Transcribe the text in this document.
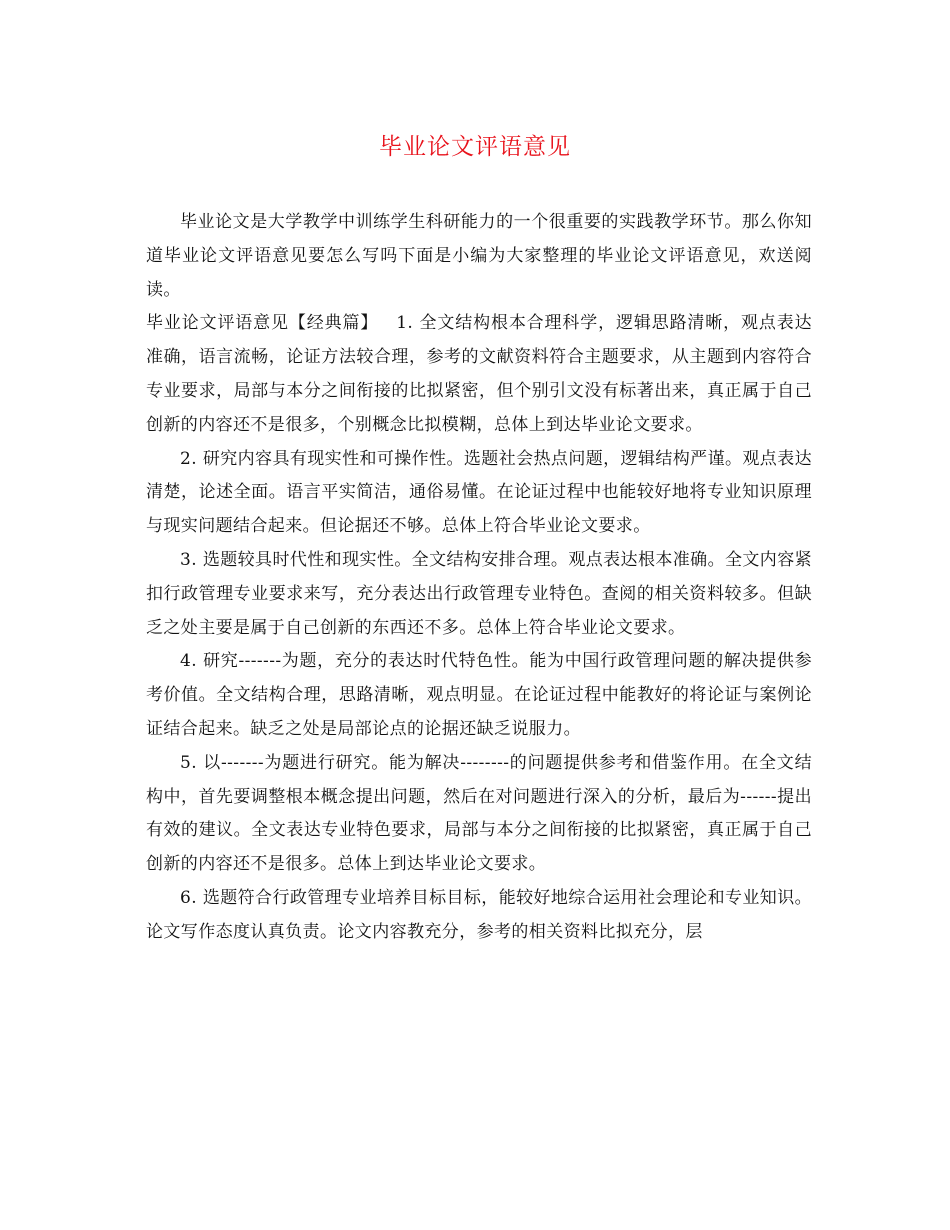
毕业论文评语意见

毕业论文是大学教学中训练学生科研能力的一个很重要的实践教学环节。那么你知道毕业论文评语意见要怎么写吗下面是小编为大家整理的毕业论文评语意见，欢送阅读。

毕业论文评语意见【经典篇】 1. 全文结构根本合理科学，逻辑思路清晰，观点表达准确，语言流畅，论证方法较合理，参考的文献资料符合主题要求，从主题到内容符合专业要求，局部与本分之间衔接的比拟紧密，但个别引文没有标著出来，真正属于自己创新的内容还不是很多，个别概念比拟模糊，总体上到达毕业论文要求。

2. 研究内容具有现实性和可操作性。选题社会热点问题，逻辑结构严谨。观点表达清楚，论述全面。语言平实简洁，通俗易懂。在论证过程中也能较好地将专业知识原理与现实问题结合起来。但论据还不够。总体上符合毕业论文要求。

3. 选题较具时代性和现实性。全文结构安排合理。观点表达根本准确。全文内容紧扣行政管理专业要求来写，充分表达出行政管理专业特色。查阅的相关资料较多。但缺乏之处主要是属于自己创新的东西还不多。总体上符合毕业论文要求。

4. 研究-------为题，充分的表达时代特色性。能为中国行政管理问题的解决提供参考价值。全文结构合理，思路清晰，观点明显。在论证过程中能教好的将论证与案例论证结合起来。缺乏之处是局部论点的论据还缺乏说服力。

5. 以-------为题进行研究。能为解决--------的问题提供参考和借鉴作用。在全文结构中，首先要调整根本概念提出问题，然后在对问题进行深入的分析，最后为------提出有效的建议。全文表达专业特色要求，局部与本分之间衔接的比拟紧密，真正属于自己创新的内容还不是很多。总体上到达毕业论文要求。

6. 选题符合行政管理专业培养目标目标，能较好地综合运用社会理论和专业知识。论文写作态度认真负责。论文内容教充分，参考的相关资料比拟充分，层
